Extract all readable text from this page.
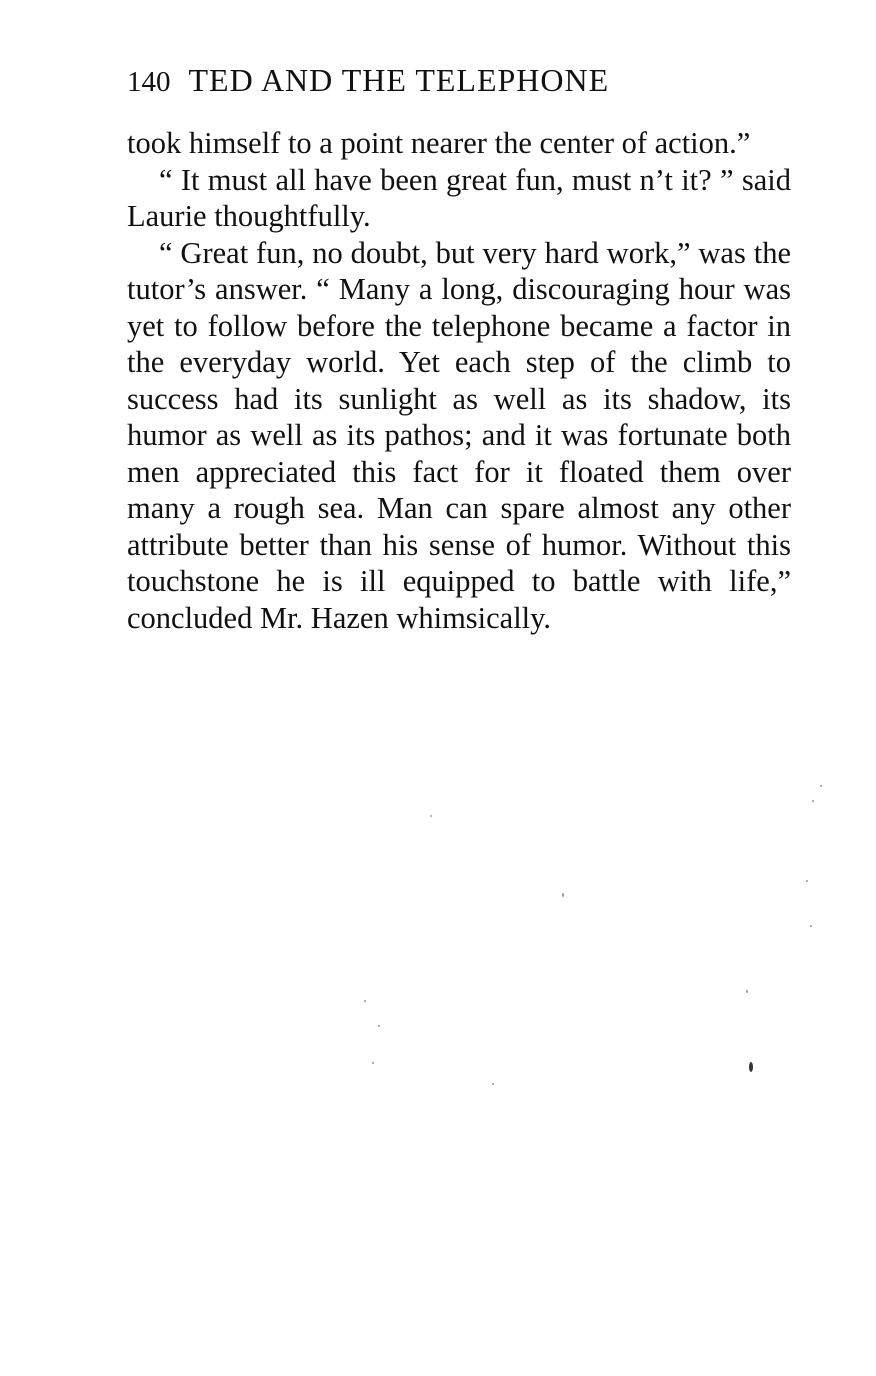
140 TED AND THE TELEPHONE

took himself to a point nearer the center of action.”

“ It must all have been great fun, must n’t it? ” said Laurie thoughtfully.

“ Great fun, no doubt, but very hard work,” was the tutor’s answer. “ Many a long, discouraging hour was yet to follow before the telephone became a factor in the everyday world. Yet each step of the climb to success had its sunlight as well as its shadow, its humor as well as its pathos; and it was fortunate both men appreciated this fact for it floated them over many a rough sea. Man can spare almost any other attribute better than his sense of humor. Without this touchstone he is ill equipped to battle with life,” concluded Mr. Hazen whimsically.
